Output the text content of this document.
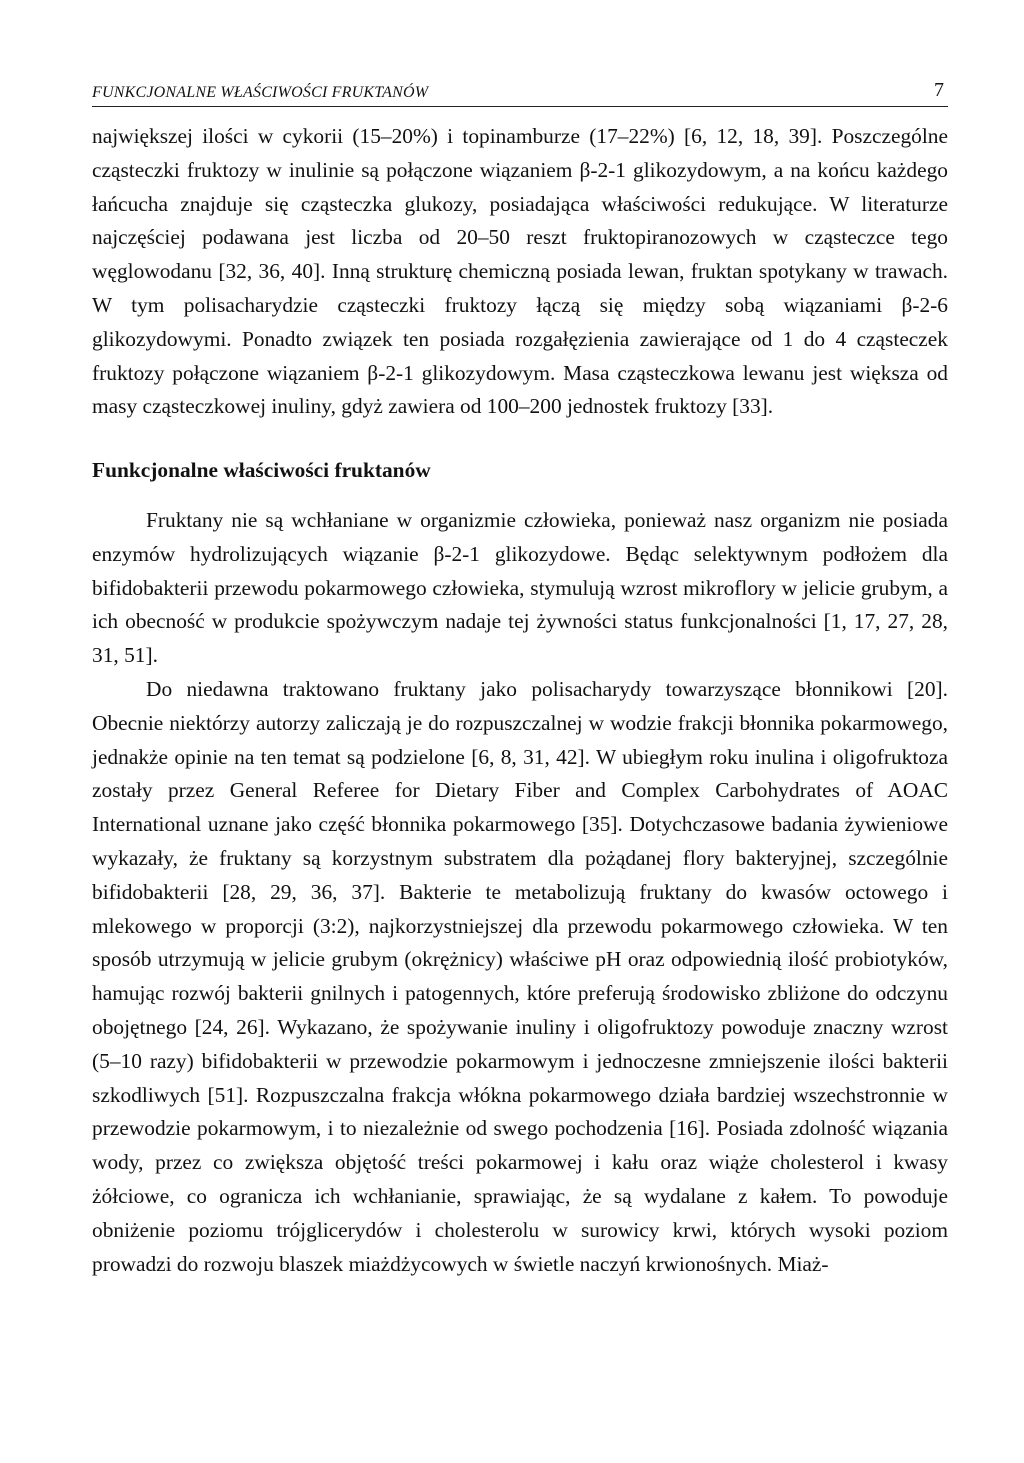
FUNKCJONALNE WŁAŚCIWOŚCI FRUKTANÓW	7

największej ilości w cykorii (15–20%) i topinamburze (17–22%) [6, 12, 18, 39]. Poszczególne cząsteczki fruktozy w inulinie są połączone wiązaniem β-2-1 glikozydowym, a na końcu każdego łańcucha znajduje się cząsteczka glukozy, posiadająca właściwości redukujące. W literaturze najczęściej podawana jest liczba od 20–50 reszt fruktopiranozowych w cząsteczce tego węglowodanu [32, 36, 40]. Inną strukturę chemiczną posiada lewan, fruktan spotykany w trawach. W tym polisacharydzie cząsteczki fruktozy łączą się między sobą wiązaniami β-2-6 glikozydowymi. Ponadto związek ten posiada rozgałęzienia zawierające od 1 do 4 cząsteczek fruktozy połączone wiązaniem β-2-1 glikozydowym. Masa cząsteczkowa lewanu jest większa od masy cząsteczkowej inuliny, gdyż zawiera od 100–200 jednostek fruktozy [33].

Funkcjonalne właściwości fruktanów

Fruktany nie są wchłaniane w organizmie człowieka, ponieważ nasz organizm nie posiada enzymów hydrolizujących wiązanie β-2-1 glikozydowe. Będąc selektywnym podłożem dla bifidobakterii przewodu pokarmowego człowieka, stymulują wzrost mikroflory w jelicie grubym, a ich obecność w produkcie spożywczym nadaje tej żywności status funkcjonalności [1, 17, 27, 28, 31, 51].

Do niedawna traktowano fruktany jako polisacharydy towarzyszące błonnikowi [20]. Obecnie niektórzy autorzy zaliczają je do rozpuszczalnej w wodzie frakcji błonnika pokarmowego, jednakże opinie na ten temat są podzielone [6, 8, 31, 42]. W ubiegłym roku inulina i oligofruktoza zostały przez General Referee for Dietary Fiber and Complex Carbohydrates of AOAC International uznane jako część błonnika pokarmowego [35]. Dotychczasowe badania żywieniowe wykazały, że fruktany są korzystnym substratem dla pożądanej flory bakteryjnej, szczególnie bifidobakterii [28, 29, 36, 37]. Bakterie te metabolizują fruktany do kwasów octowego i mlekowego w proporcji (3:2), najkorzystniejszej dla przewodu pokarmowego człowieka. W ten sposób utrzymują w jelicie grubym (okrężnicy) właściwe pH oraz odpowiednią ilość probiotyków, hamując rozwój bakterii gnilnych i patogennych, które preferują środowisko zbliżone do odczynu obojętnego [24, 26]. Wykazano, że spożywanie inuliny i oligofruktozy powoduje znaczny wzrost (5–10 razy) bifidobakterii w przewodzie pokarmowym i jednoczesne zmniejszenie ilości bakterii szkodliwych [51]. Rozpuszczalna frakcja włókna pokarmowego działa bardziej wszechstronnie w przewodzie pokarmowym, i to niezależnie od swego pochodzenia [16]. Posiada zdolność wiązania wody, przez co zwiększa objętość treści pokarmowej i kału oraz wiąże cholesterol i kwasy żółciowe, co ogranicza ich wchłanianie, sprawiając, że są wydalane z kałem. To powoduje obniżenie poziomu trójglicerydów i cholesterolu w surowicy krwi, których wysoki poziom prowadzi do rozwoju blaszek miażdżycowych w świetle naczyń krwionośnych. Miaż-
